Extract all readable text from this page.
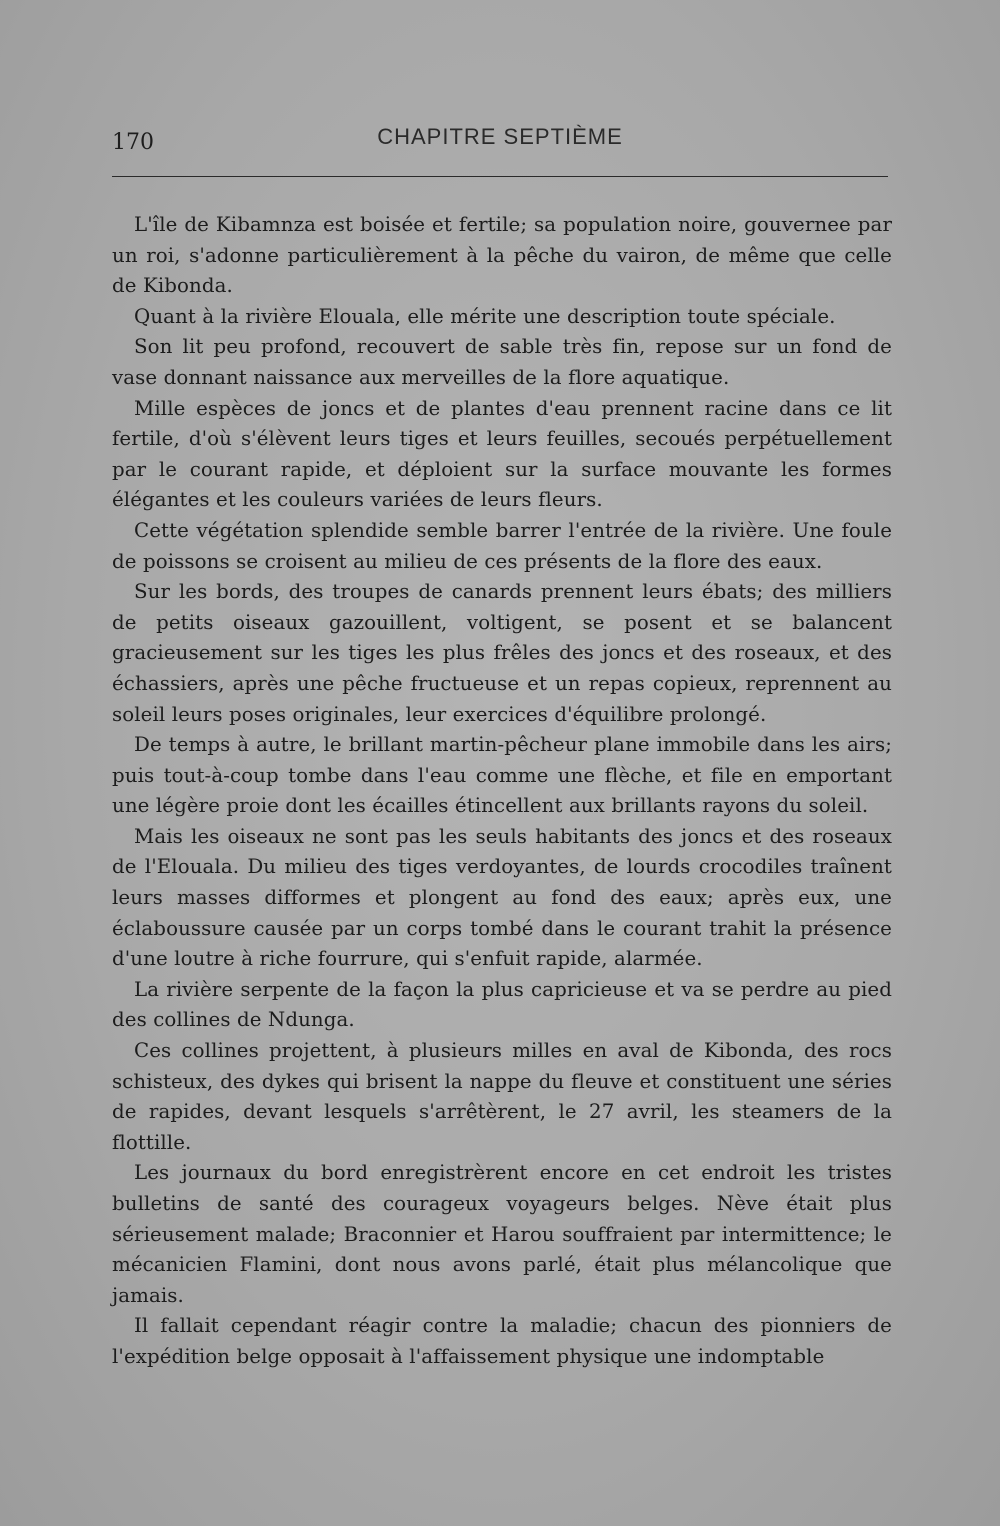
170	CHAPITRE SEPTIÈME

L'île de Kibamnza est boisée et fertile; sa population noire, gouvernee par un roi, s'adonne particulièrement à la pêche du vairon, de même que celle de Kibonda.

Quant à la rivière Elouala, elle mérite une description toute spéciale.

Son lit peu profond, recouvert de sable très fin, repose sur un fond de vase donnant naissance aux merveilles de la flore aquatique.

Mille espèces de joncs et de plantes d'eau prennent racine dans ce lit fertile, d'où s'élèvent leurs tiges et leurs feuilles, secoués perpétuellement par le courant rapide, et déploient sur la surface mouvante les formes élégantes et les couleurs variées de leurs fleurs.

Cette végétation splendide semble barrer l'entrée de la rivière. Une foule de poissons se croisent au milieu de ces présents de la flore des eaux.

Sur les bords, des troupes de canards prennent leurs ébats; des milliers de petits oiseaux gazouillent, voltigent, se posent et se balancent gracieusement sur les tiges les plus frêles des joncs et des roseaux, et des échassiers, après une pêche fructueuse et un repas copieux, reprennent au soleil leurs poses originales, leur exercices d'équilibre prolongé.

De temps à autre, le brillant martin-pêcheur plane immobile dans les airs; puis tout-à-coup tombe dans l'eau comme une flèche, et file en emportant une légère proie dont les écailles étincellent aux brillants rayons du soleil.

Mais les oiseaux ne sont pas les seuls habitants des joncs et des roseaux de l'Elouala. Du milieu des tiges verdoyantes, de lourds crocodiles traînent leurs masses difformes et plongent au fond des eaux; après eux, une éclaboussure causée par un corps tombé dans le courant trahit la présence d'une loutre à riche fourrure, qui s'enfuit rapide, alarmée.

La rivière serpente de la façon la plus capricieuse et va se perdre au pied des collines de Ndunga.

Ces collines projettent, à plusieurs milles en aval de Kibonda, des rocs schisteux, des dykes qui brisent la nappe du fleuve et constituent une séries de rapides, devant lesquels s'arrêtèrent, le 27 avril, les steamers de la flottille.

Les journaux du bord enregistrèrent encore en cet endroit les tristes bulletins de santé des courageux voyageurs belges. Nève était plus sérieusement malade; Braconnier et Harou souffraient par intermittence; le mécanicien Flamini, dont nous avons parlé, était plus mélancolique que jamais.

Il fallait cependant réagir contre la maladie; chacun des pionniers de l'expédition belge opposait à l'affaissement physique une indomptable
